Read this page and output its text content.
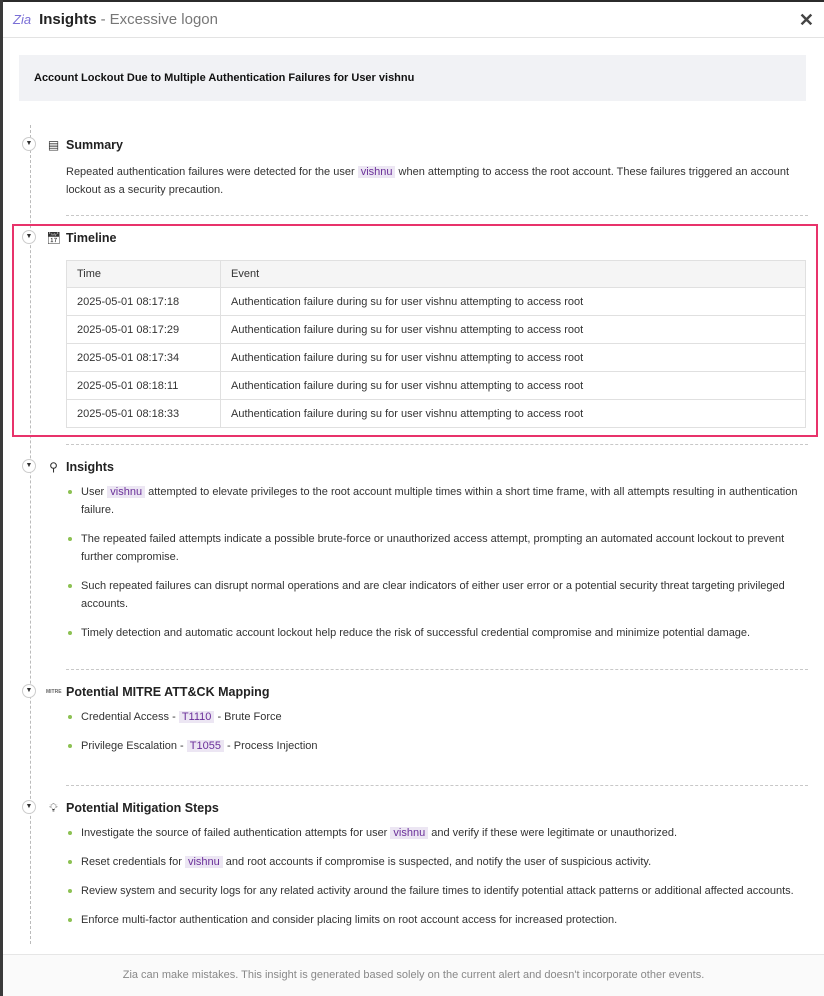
Zia Insights - Excessive logon	✕
Account Lockout Due to Multiple Authentication Failures for User vishnu
▼ ▤ Summary
Repeated authentication failures were detected for the user vishnu when attempting to access the root account. These failures triggered an account lockout as a security precaution.
▼ 📅︎ Timeline
Time	Event
2025-05-01 08:17:18	Authentication failure during su for user vishnu attempting to access root
2025-05-01 08:17:29	Authentication failure during su for user vishnu attempting to access root
2025-05-01 08:17:34	Authentication failure during su for user vishnu attempting to access root
2025-05-01 08:18:11	Authentication failure during su for user vishnu attempting to access root
2025-05-01 08:18:33	Authentication failure during su for user vishnu attempting to access root
▼ ⚲ Insights
User vishnu attempted to elevate privileges to the root account multiple times within a short time frame, with all attempts resulting in authentication failure.
The repeated failed attempts indicate a possible brute-force or unauthorized access attempt, prompting an automated account lockout to prevent further compromise.
Such repeated failures can disrupt normal operations and are clear indicators of either user error or a potential security threat targeting privileged accounts.
Timely detection and automatic account lockout help reduce the risk of successful credential compromise and minimize potential damage.
▼	MITRE Potential MITRE ATT&CK Mapping
Credential Access - T1110 - Brute Force
Privilege Escalation - T1055 - Process Injection
▼ 💡︎ Potential Mitigation Steps
Investigate the source of failed authentication attempts for user vishnu and verify if these were legitimate or unauthorized.
Reset credentials for vishnu and root accounts if compromise is suspected, and notify the user of suspicious activity.
Review system and security logs for any related activity around the failure times to identify potential attack patterns or additional affected accounts.
Enforce multi-factor authentication and consider placing limits on root account access for increased protection.
Zia can make mistakes. This insight is generated based solely on the current alert and doesn't incorporate other events.
